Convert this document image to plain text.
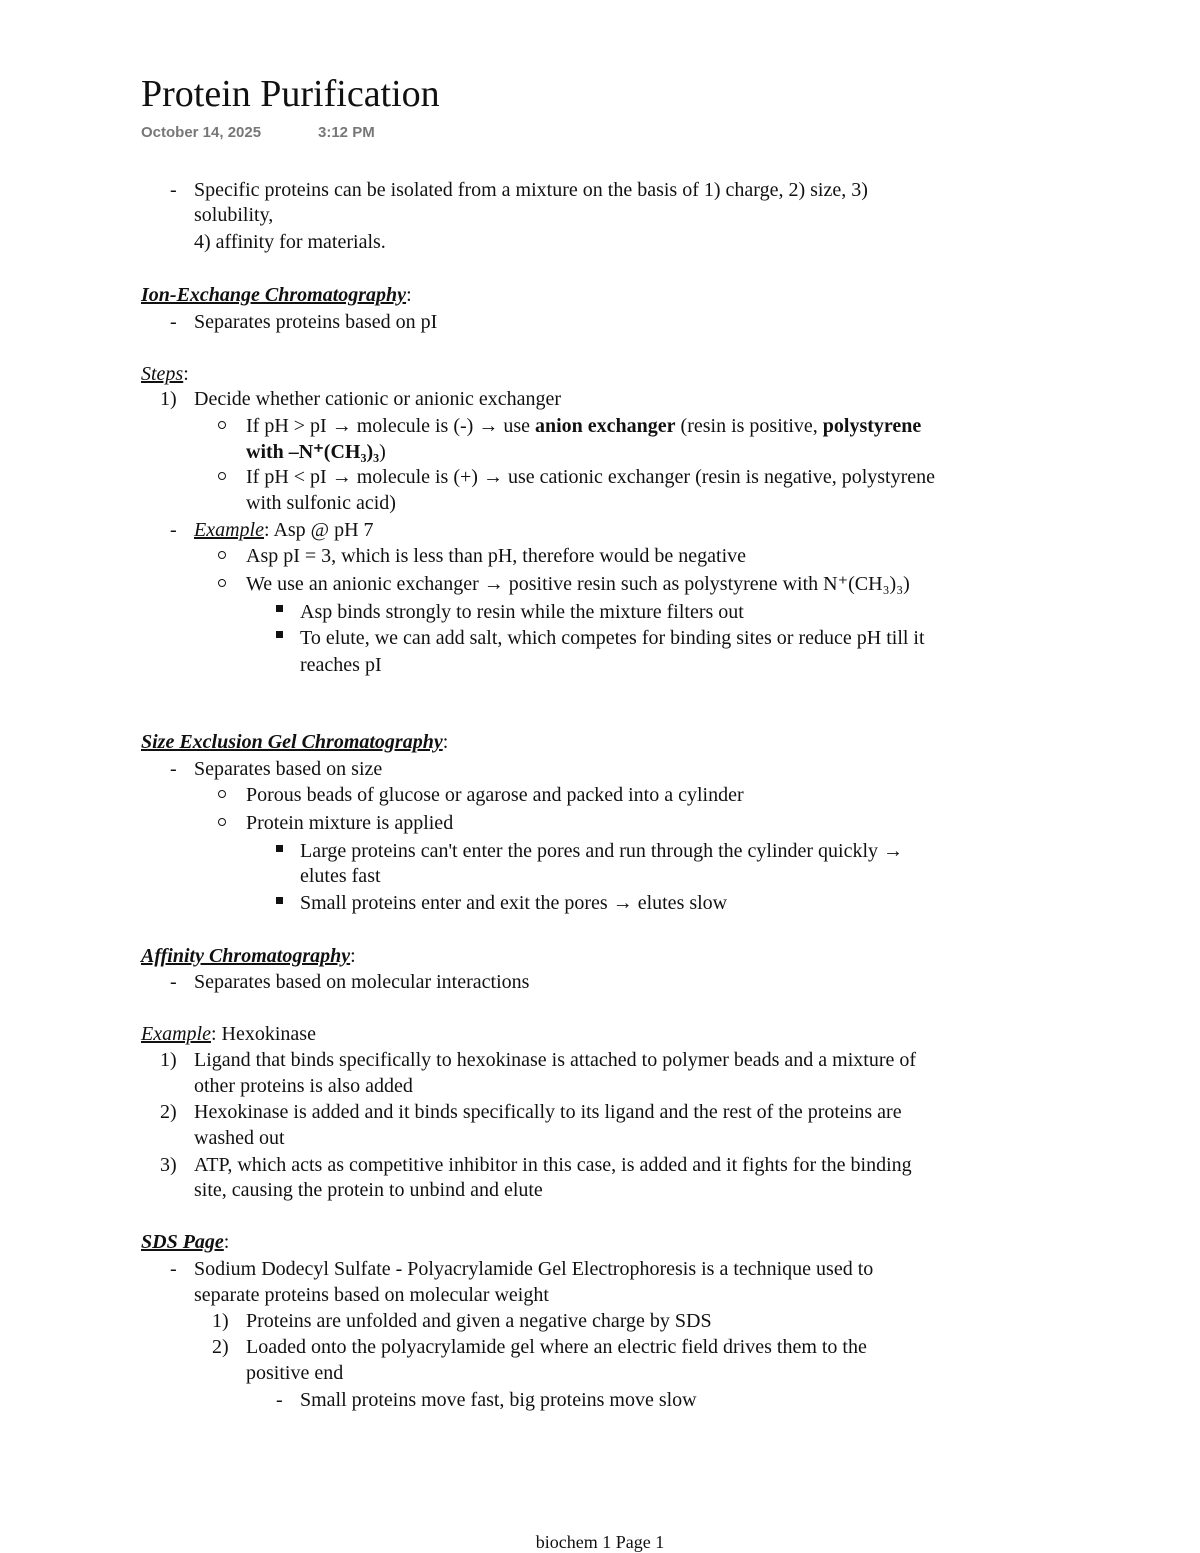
Protein Purification
October 14, 2025	3:12 PM
- Specific proteins can be isolated from a mixture on the basis of 1) charge, 2) size, 3)
solubility,
4) affinity for materials.
Ion-Exchange Chromatography:
- Separates proteins based on pI
Steps:
1) Decide whether cationic or anionic exchanger
If pH > pI → molecule is (-) → use anion exchanger (resin is positive, polystyrene
with –N⁺(CH₃)₃)
If pH < pI → molecule is (+) → use cationic exchanger (resin is negative, polystyrene
with sulfonic acid)
- Example: Asp @ pH 7
Asp pI = 3, which is less than pH, therefore would be negative
We use an anionic exchanger → positive resin such as polystyrene with N⁺(CH₃)₃)
Asp binds strongly to resin while the mixture filters out
To elute, we can add salt, which competes for binding sites or reduce pH till it
reaches pI
Size Exclusion Gel Chromatography:
- Separates based on size
Porous beads of glucose or agarose and packed into a cylinder
Protein mixture is applied
Large proteins can't enter the pores and run through the cylinder quickly →
elutes fast
Small proteins enter and exit the pores → elutes slow
Affinity Chromatography:
- Separates based on molecular interactions
Example: Hexokinase
1) Ligand that binds specifically to hexokinase is attached to polymer beads and a mixture of
other proteins is also added
2) Hexokinase is added and it binds specifically to its ligand and the rest of the proteins are
washed out
3) ATP, which acts as competitive inhibitor in this case, is added and it fights for the binding
site, causing the protein to unbind and elute
SDS Page:
- Sodium Dodecyl Sulfate - Polyacrylamide Gel Electrophoresis is a technique used to
separate proteins based on molecular weight
1) Proteins are unfolded and given a negative charge by SDS
2) Loaded onto the polyacrylamide gel where an electric field drives them to the
positive end
- Small proteins move fast, big proteins move slow
biochem 1 Page 1
